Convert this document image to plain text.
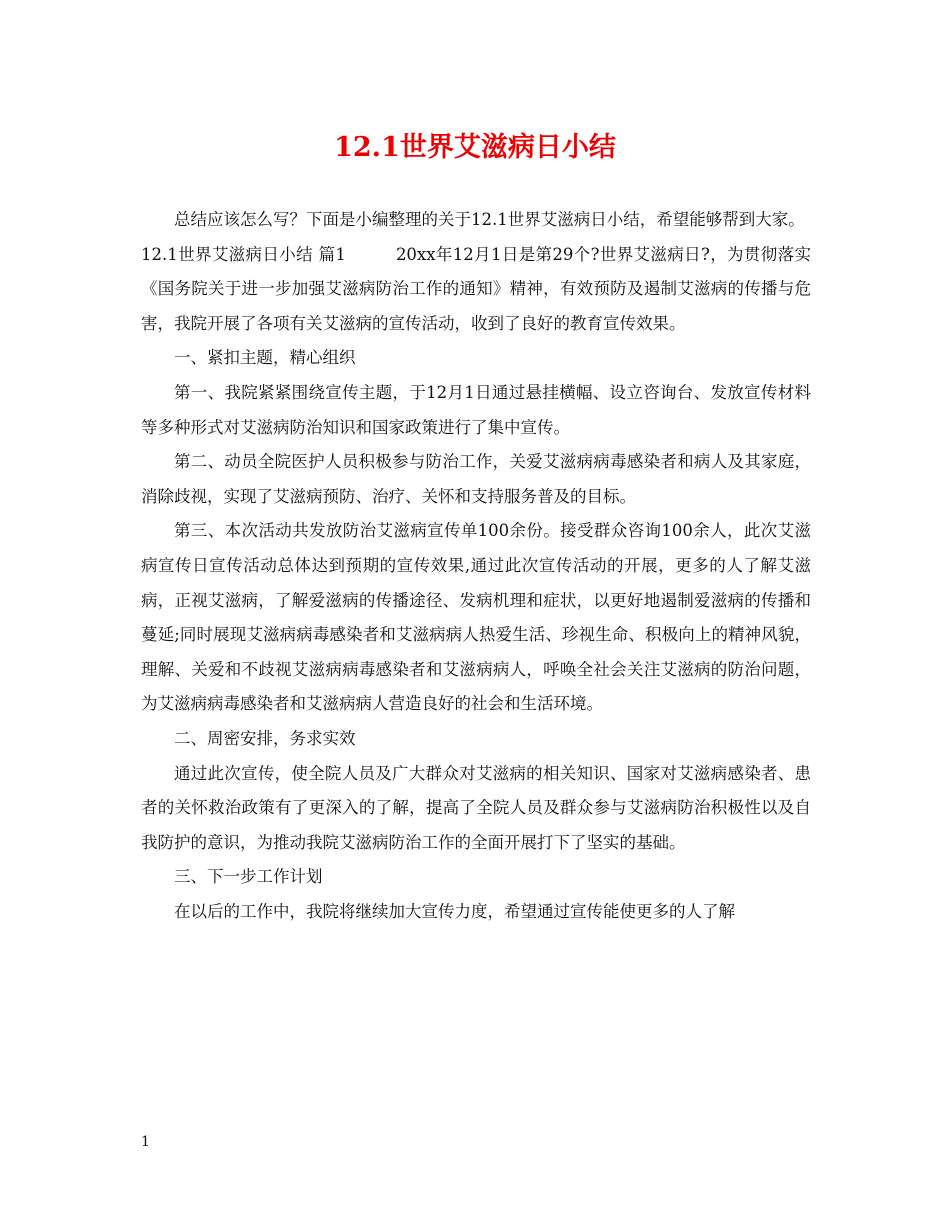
12.1世界艾滋病日小结

总结应该怎么写？下面是小编整理的关于12.1世界艾滋病日小结，希望能够帮到大家。

12.1世界艾滋病日小结 篇1	20xx年12月1日是第29个?世界艾滋病日?，为贯彻落实《国务院关于进一步加强艾滋病防治工作的通知》精神，有效预防及遏制艾滋病的传播与危害，我院开展了各项有关艾滋病的宣传活动，收到了良好的教育宣传效果。

一、紧扣主题，精心组织

第一、我院紧紧围绕宣传主题，于12月1日通过悬挂横幅、设立咨询台、发放宣传材料等多种形式对艾滋病防治知识和国家政策进行了集中宣传。

第二、动员全院医护人员积极参与防治工作，关爱艾滋病病毒感染者和病人及其家庭，消除歧视，实现了艾滋病预防、治疗、关怀和支持服务普及的目标。

第三、本次活动共发放防治艾滋病宣传单100余份。接受群众咨询100余人，此次艾滋病宣传日宣传活动总体达到预期的宣传效果,通过此次宣传活动的开展，更多的人了解艾滋病，正视艾滋病，了解爱滋病的传播途径、发病机理和症状，以更好地遏制爱滋病的传播和蔓延;同时展现艾滋病病毒感染者和艾滋病病人热爱生活、珍视生命、积极向上的精神风貌，理解、关爱和不歧视艾滋病病毒感染者和艾滋病病人，呼唤全社会关注艾滋病的防治问题，为艾滋病病毒感染者和艾滋病病人营造良好的社会和生活环境。

二、周密安排，务求实效

通过此次宣传，使全院人员及广大群众对艾滋病的相关知识、国家对艾滋病感染者、患者的关怀救治政策有了更深入的了解，提高了全院人员及群众参与艾滋病防治积极性以及自我防护的意识，为推动我院艾滋病防治工作的全面开展打下了坚实的基础。

三、下一步工作计划

在以后的工作中，我院将继续加大宣传力度，希望通过宣传能使更多的人了解

1
